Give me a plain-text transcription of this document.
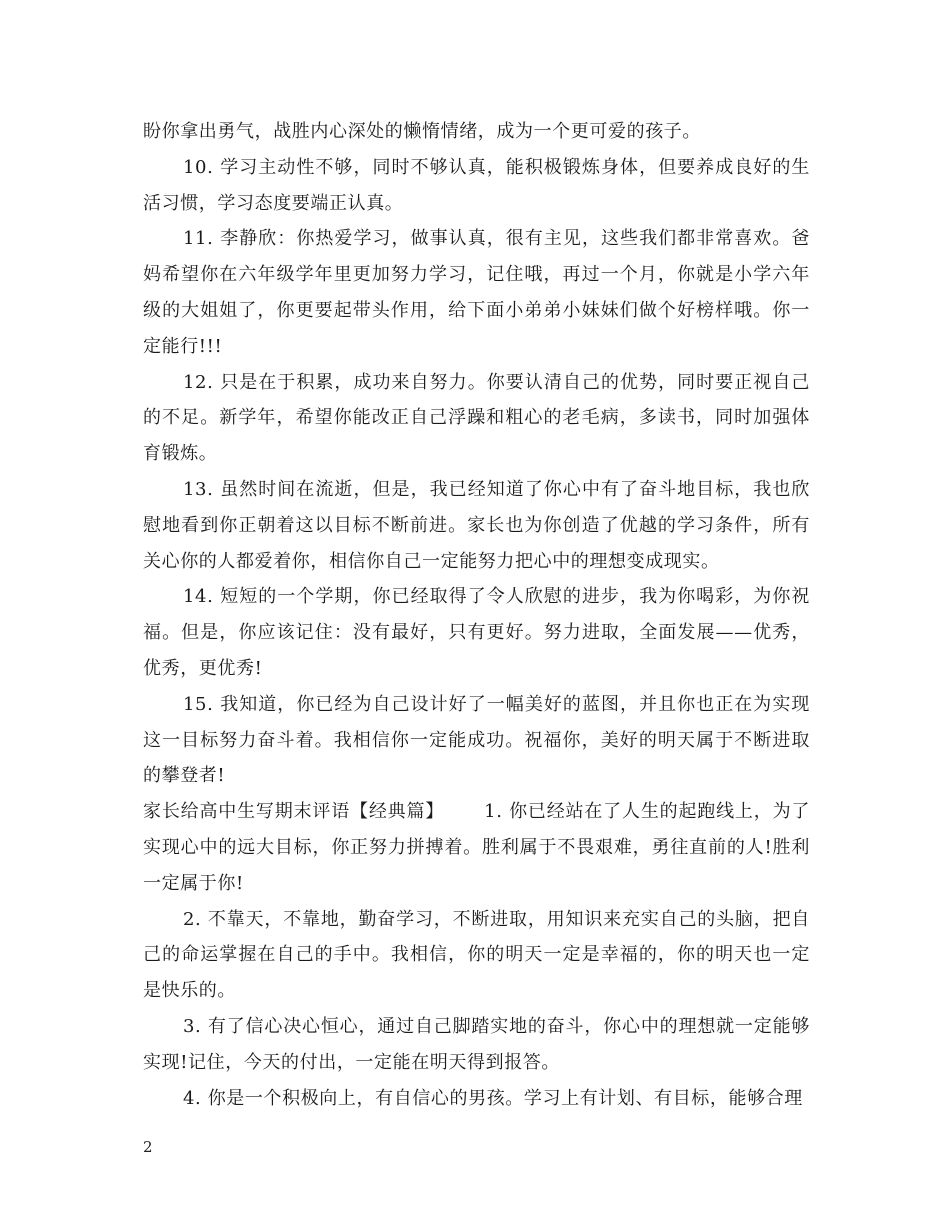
盼你拿出勇气，战胜内心深处的懒惰情绪，成为一个更可爱的孩子。

10. 学习主动性不够，同时不够认真，能积极锻炼身体，但要养成良好的生活习惯，学习态度要端正认真。

11. 李静欣：你热爱学习，做事认真，很有主见，这些我们都非常喜欢。爸妈希望你在六年级学年里更加努力学习，记住哦，再过一个月，你就是小学六年级的大姐姐了，你更要起带头作用，给下面小弟弟小妹妹们做个好榜样哦。你一定能行!!!

12. 只是在于积累，成功来自努力。你要认清自己的优势，同时要正视自己的不足。新学年，希望你能改正自己浮躁和粗心的老毛病，多读书，同时加强体育锻炼。

13. 虽然时间在流逝，但是，我已经知道了你心中有了奋斗地目标，我也欣慰地看到你正朝着这以目标不断前进。家长也为你创造了优越的学习条件，所有关心你的人都爱着你，相信你自己一定能努力把心中的理想变成现实。

14. 短短的一个学期，你已经取得了令人欣慰的进步，我为你喝彩，为你祝福。但是，你应该记住：没有最好，只有更好。努力进取，全面发展——优秀，优秀，更优秀!

15. 我知道，你已经为自己设计好了一幅美好的蓝图，并且你也正在为实现这一目标努力奋斗着。我相信你一定能成功。祝福你，美好的明天属于不断进取的攀登者!

家长给高中生写期末评语【经典篇】 1. 你已经站在了人生的起跑线上，为了实现心中的远大目标，你正努力拼搏着。胜利属于不畏艰难，勇往直前的人!胜利一定属于你!

2. 不靠天，不靠地，勤奋学习，不断进取，用知识来充实自己的头脑，把自己的命运掌握在自己的手中。我相信，你的明天一定是幸福的，你的明天也一定是快乐的。

3. 有了信心决心恒心，通过自己脚踏实地的奋斗，你心中的理想就一定能够实现!记住，今天的付出，一定能在明天得到报答。

4. 你是一个积极向上，有自信心的男孩。学习上有计划、有目标，能够合理

2
